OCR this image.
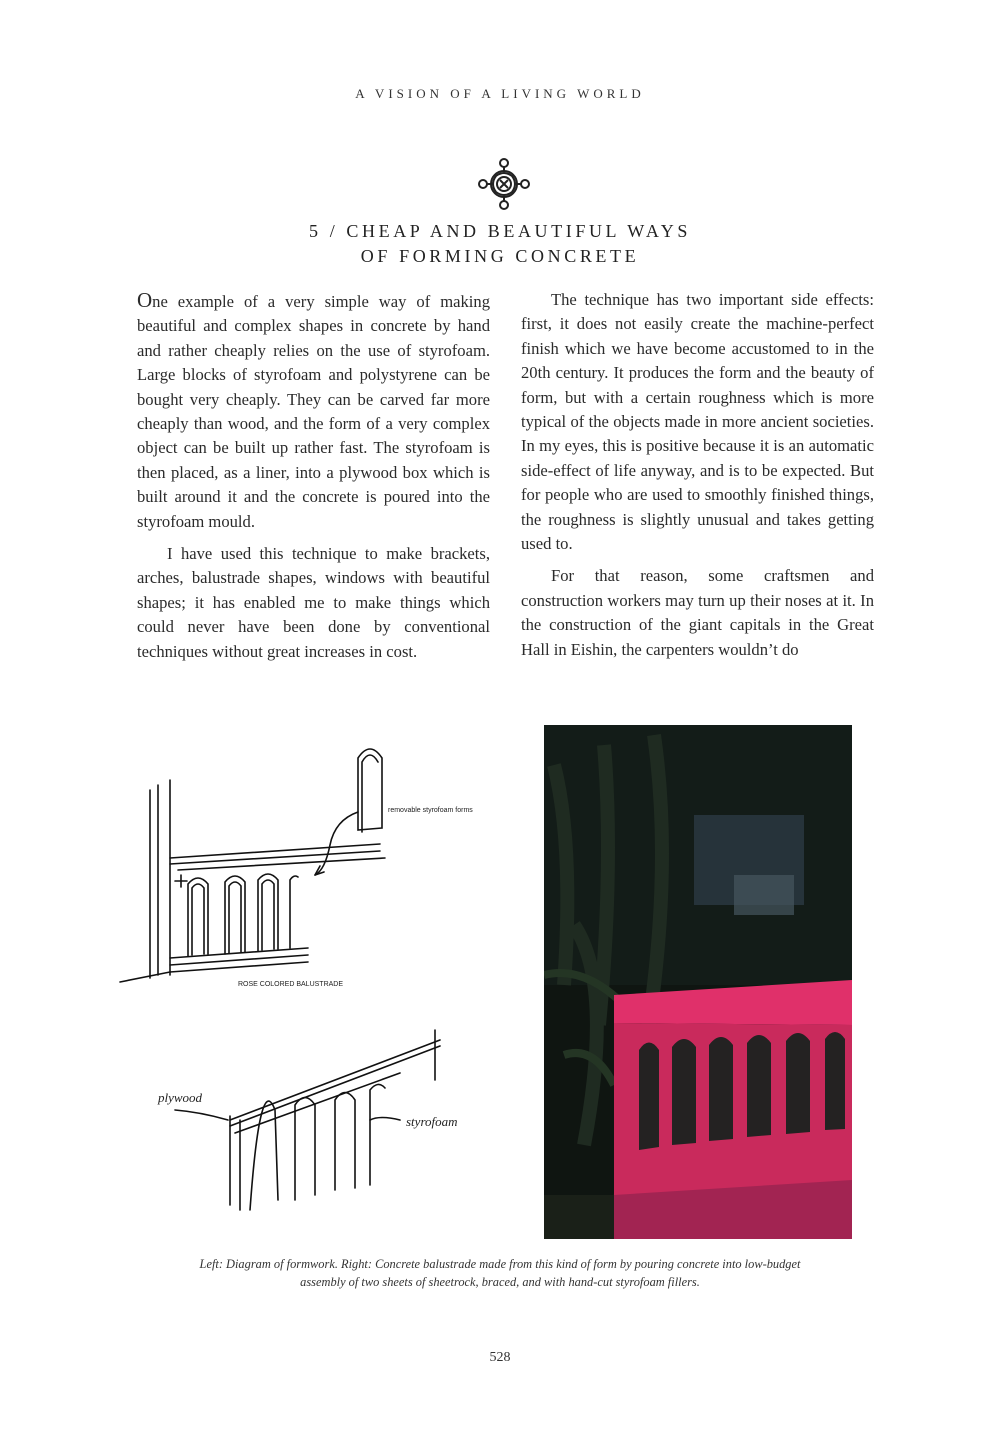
A VISION OF A LIVING WORLD
5 / CHEAP AND BEAUTIFUL WAYS
OF FORMING CONCRETE

One example of a very simple way of making beautiful and complex shapes in concrete by hand and rather cheaply relies on the use of styrofoam. Large blocks of styrofoam and polystyrene can be bought very cheaply. They can be carved far more cheaply than wood, and the form of a very complex object can be built up rather fast. The styrofoam is then placed, as a liner, into a plywood box which is built around it and the concrete is poured into the styrofoam mould.

I have used this technique to make brackets, arches, balustrade shapes, windows with beautiful shapes; it has enabled me to make things which could never have been done by conventional techniques without great increases in cost.

The technique has two important side effects: first, it does not easily create the machine-perfect finish which we have become accustomed to in the 20th century. It produces the form and the beauty of form, but with a certain roughness which is more typical of the objects made in more ancient societies. In my eyes, this is positive because it is an automatic side-effect of life anyway, and is to be expected. But for people who are used to smoothly finished things, the roughness is slightly unusual and takes getting used to.

For that reason, some craftsmen and construction workers may turn up their noses at it. In the construction of the giant capitals in the Great Hall in Eishin, the carpenters wouldn’t do

removable styrofoam forms
ROSE COLORED BALUSTRADE
plywood
styrofoam
Left: Diagram of formwork. Right: Concrete balustrade made from this kind of form by pouring concrete into low-budget
assembly of two sheets of sheetrock, braced, and with hand-cut styrofoam fillers.
528
